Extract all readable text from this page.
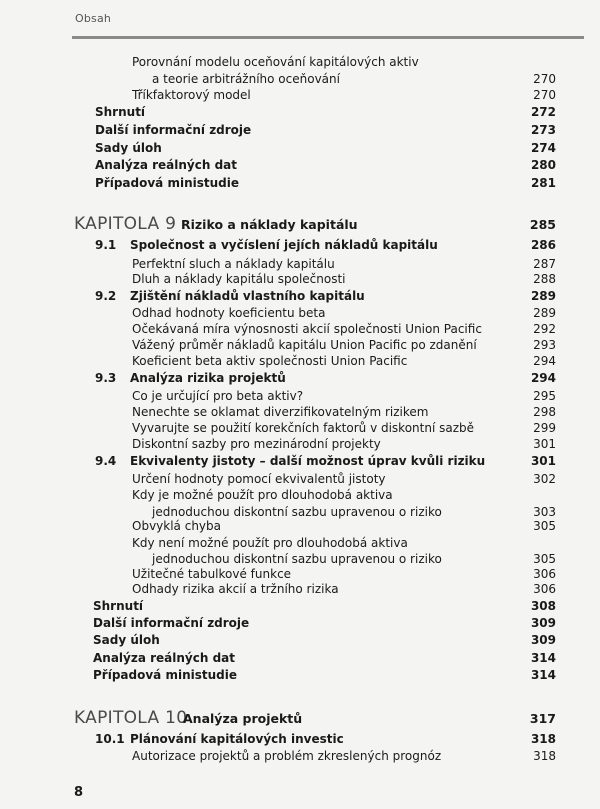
Obsah
Porovnání modelu oceňování kapitálových aktiv
a teorie arbitrážního oceňování	270
Tříkfaktorový model	270
Shrnutí	272
Další informační zdroje	273
Sady úloh	274
Analýza reálných dat	280
Případová ministudie	281
KAPITOLA 9 Riziko a náklady kapitálu	285
9.1 Společnost a vyčíslení jejích nákladů kapitálu	286
Perfektní sluch a náklady kapitálu	287
Dluh a náklady kapitálu společnosti	288
9.2 Zjištění nákladů vlastního kapitálu	289
Odhad hodnoty koeficientu beta	289
Očekávaná míra výnosnosti akcií společnosti Union Pacific	292
Vážený průměr nákladů kapitálu Union Pacific po zdanění	293
Koeficient beta aktiv společnosti Union Pacific	294
9.3 Analýza rizika projektů	294
Co je určující pro beta aktiv?	295
Nenechte se oklamat diverzifikovatelným rizikem	298
Vyvarujte se použití korekčních faktorů v diskontní sazbě	299
Diskontní sazby pro mezinárodní projekty	301
9.4 Ekvivalenty jistoty – další možnost úprav kvůli riziku	301
Určení hodnoty pomocí ekvivalentů jistoty	302
Kdy je možné použít pro dlouhodobá aktiva
jednoduchou diskontní sazbu upravenou o riziko	303
Obvyklá chyba	305
Kdy není možné použít pro dlouhodobá aktiva
jednoduchou diskontní sazbu upravenou o riziko	305
Užitečné tabulkové funkce	306
Odhady rizika akcií a tržního rizika	306
Shrnutí	308
Další informační zdroje	309
Sady úloh	309
Analýza reálných dat	314
Případová ministudie	314
KAPITOLA 10
Analýza projektů	317
10.1 Plánování kapitálových investic	318
Autorizace projektů a problém zkreslených prognóz	318
8
